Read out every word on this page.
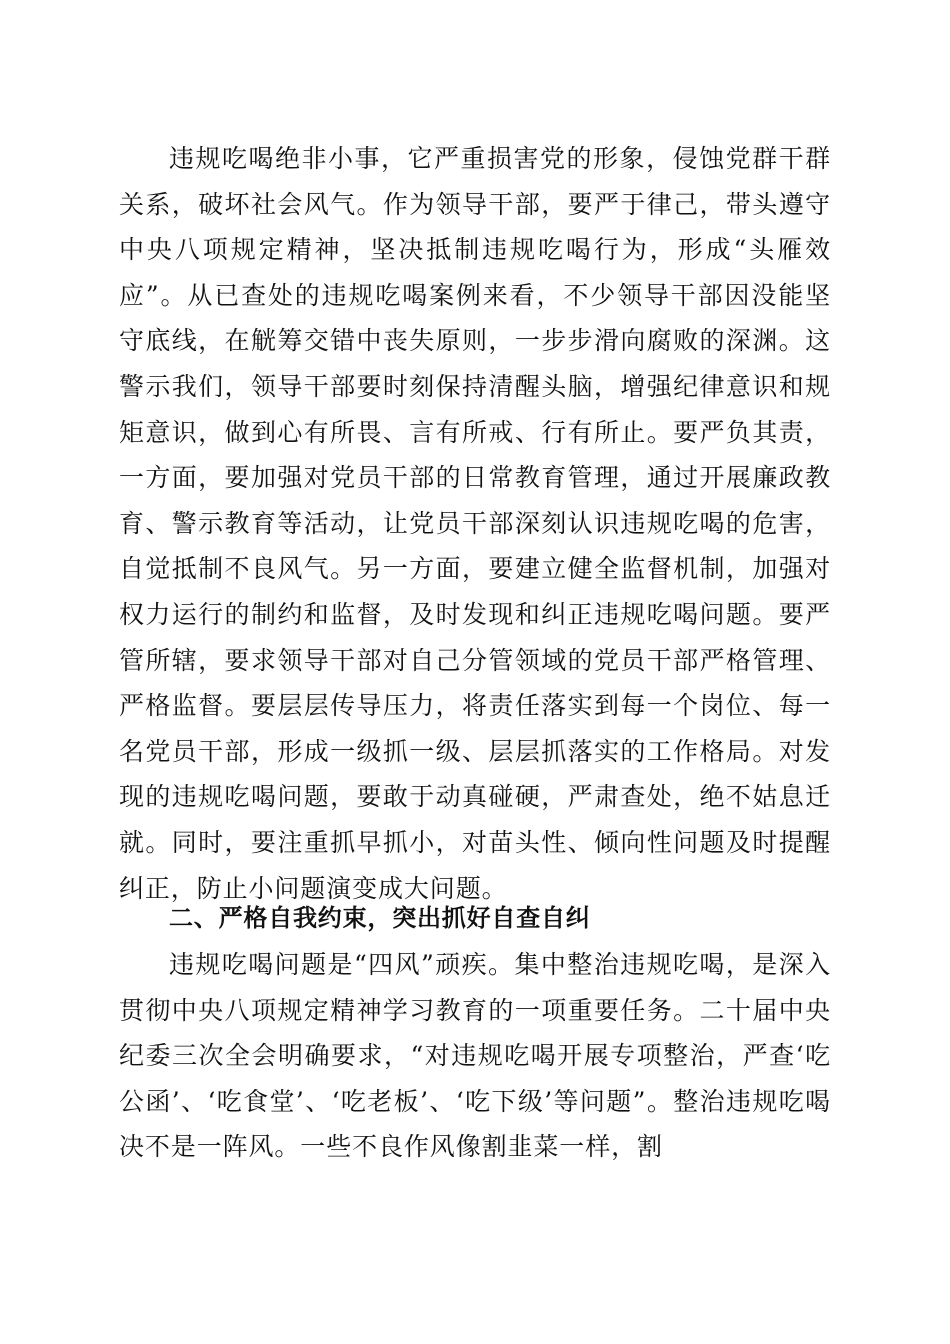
违规吃喝绝非小事，它严重损害党的形象，侵蚀党群干群关系，破坏社会风气。作为领导干部，要严于律己，带头遵守中央八项规定精神，坚决抵制违规吃喝行为，形成“头雁效应”。从已查处的违规吃喝案例来看，不少领导干部因没能坚守底线，在觥筹交错中丧失原则，一步步滑向腐败的深渊。这警示我们，领导干部要时刻保持清醒头脑，增强纪律意识和规矩意识，做到心有所畏、言有所戒、行有所止。要严负其责，一方面，要加强对党员干部的日常教育管理，通过开展廉政教育、警示教育等活动，让党员干部深刻认识违规吃喝的危害，自觉抵制不良风气。另一方面，要建立健全监督机制，加强对权力运行的制约和监督，及时发现和纠正违规吃喝问题。要严管所辖，要求领导干部对自己分管领域的党员干部严格管理、严格监督。要层层传导压力，将责任落实到每一个岗位、每一名党员干部，形成一级抓一级、层层抓落实的工作格局。对发现的违规吃喝问题，要敢于动真碰硬，严肃查处，绝不姑息迁就。同时，要注重抓早抓小，对苗头性、倾向性问题及时提醒纠正，防止小问题演变成大问题。

二、严格自我约束，突出抓好自查自纠

违规吃喝问题是“四风”顽疾。集中整治违规吃喝，是深入贯彻中央八项规定精神学习教育的一项重要任务。二十届中央纪委三次全会明确要求，“对违规吃喝开展专项整治，严查‘吃公函’、‘吃食堂’、‘吃老板’、‘吃下级’等问题”。整治违规吃喝决不是一阵风。一些不良作风像割韭菜一样，割
